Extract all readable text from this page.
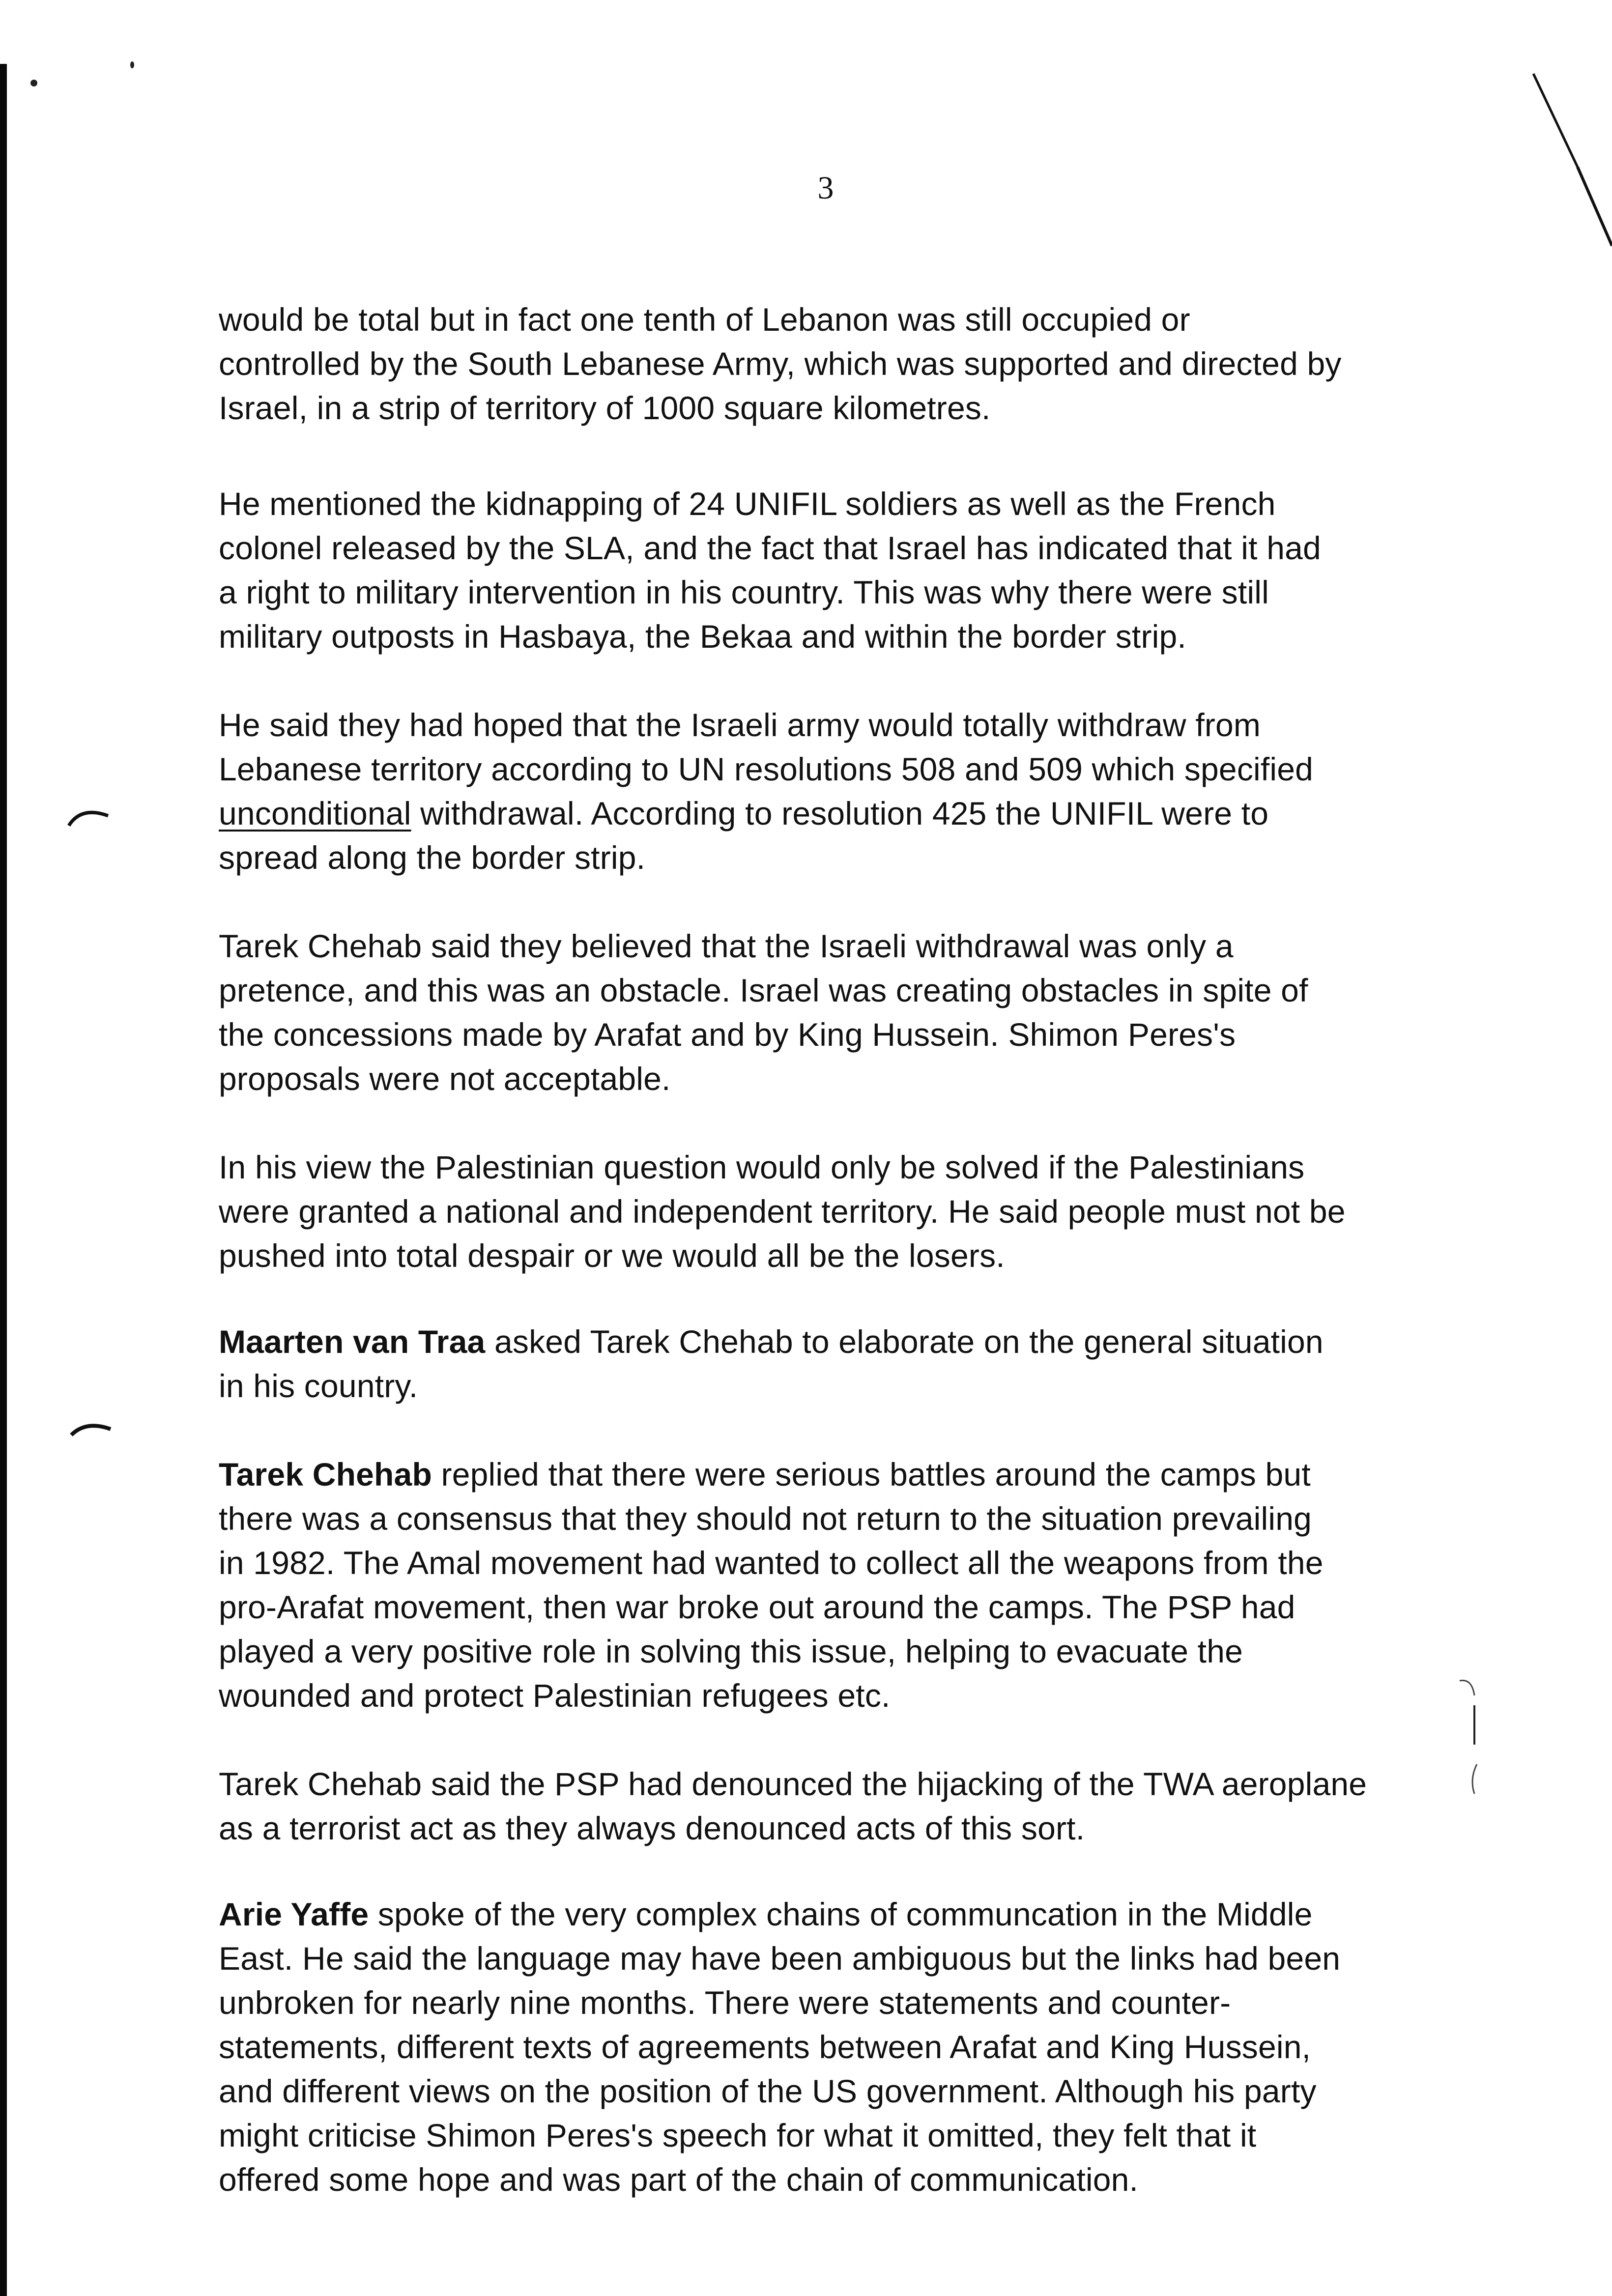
3

would be total but in fact one tenth of Lebanon was still occupied or
controlled by the South Lebanese Army, which was supported and directed by
Israel, in a strip of territory of 1000 square kilometres.

He mentioned the kidnapping of 24 UNIFIL soldiers as well as the French
colonel released by the SLA, and the fact that Israel has indicated that it had
a right to military intervention in his country. This was why there were still
military outposts in Hasbaya, the Bekaa and within the border strip.

He said they had hoped that the Israeli army would totally withdraw from
Lebanese territory according to UN resolutions 508 and 509 which specified
unconditional withdrawal. According to resolution 425 the UNIFIL were to
spread along the border strip.

Tarek Chehab said they believed that the Israeli withdrawal was only a
pretence, and this was an obstacle. Israel was creating obstacles in spite of
the concessions made by Arafat and by King Hussein. Shimon Peres's
proposals were not acceptable.

In his view the Palestinian question would only be solved if the Palestinians
were granted a national and independent territory. He said people must not be
pushed into total despair or we would all be the losers.

Maarten van Traa asked Tarek Chehab to elaborate on the general situation
in his country.

Tarek Chehab replied that there were serious battles around the camps but
there was a consensus that they should not return to the situation prevailing
in 1982. The Amal movement had wanted to collect all the weapons from the
pro-Arafat movement, then war broke out around the camps. The PSP had
played a very positive role in solving this issue, helping to evacuate the
wounded and protect Palestinian refugees etc.

Tarek Chehab said the PSP had denounced the hijacking of the TWA aeroplane
as a terrorist act as they always denounced acts of this sort.

Arie Yaffe spoke of the very complex chains of communcation in the Middle
East. He said the language may have been ambiguous but the links had been
unbroken for nearly nine months. There were statements and counter-
statements, different texts of agreements between Arafat and King Hussein,
and different views on the position of the US government. Although his party
might criticise Shimon Peres's speech for what it omitted, they felt that it
offered some hope and was part of the chain of communication.
